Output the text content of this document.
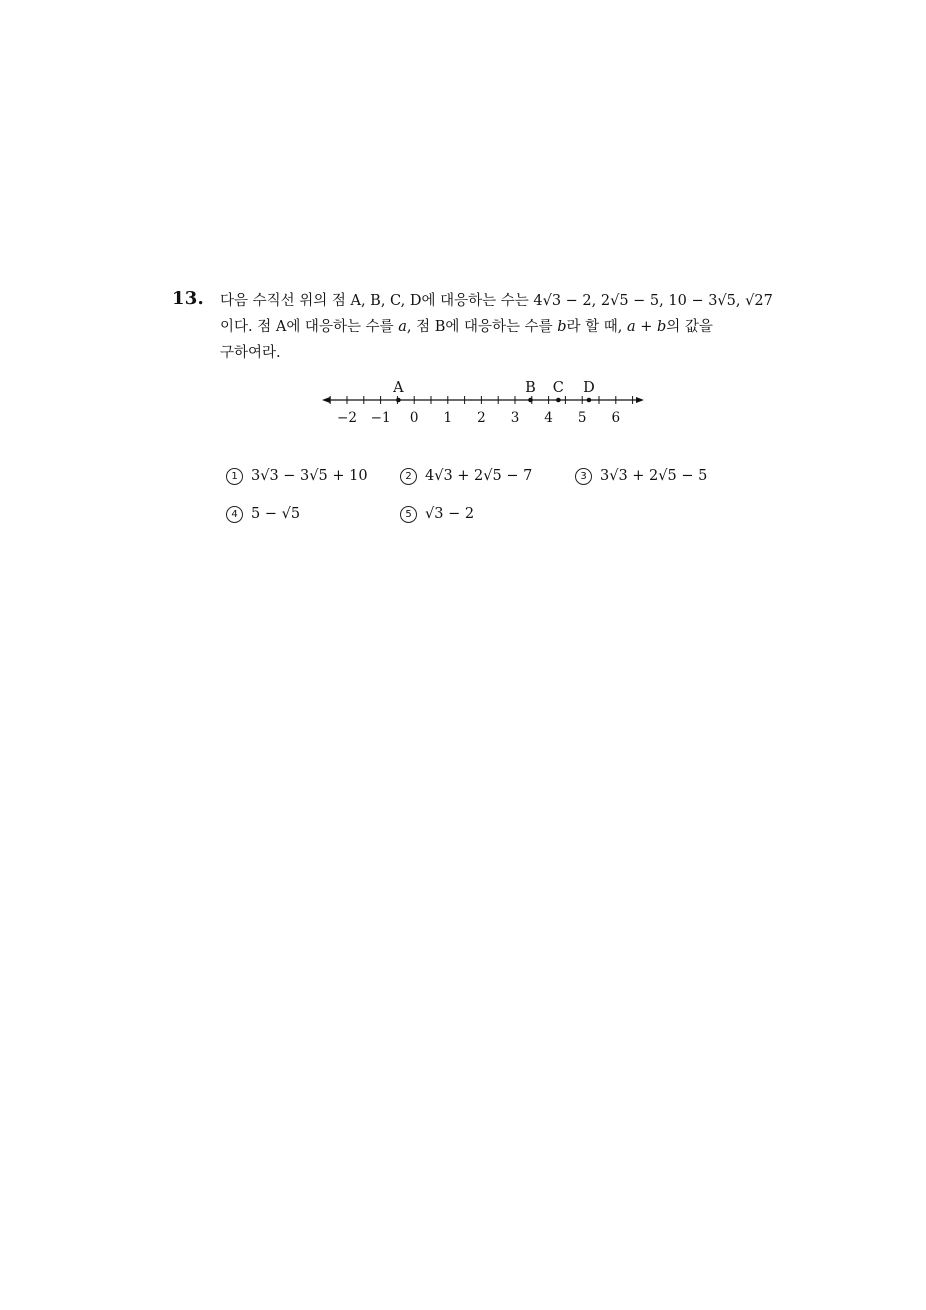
13. 다음 수직선 위의 점 A, B, C, D에 대응하는 수는 4√3 − 2, 2√5 − 5, 10 − 3√5, √27
이다. 점 A에 대응하는 수를 a, 점 B에 대응하는 수를 b라 할 때, a + b의 값을
구하여라.
−2 −1 0 1 2 3 4 5 6
A	B C D
1 3√3 − 3√5 + 10	2 4√3 + 2√5 − 7	3 3√3 + 2√5 − 5
4 5 − √5	5 √3 − 2
